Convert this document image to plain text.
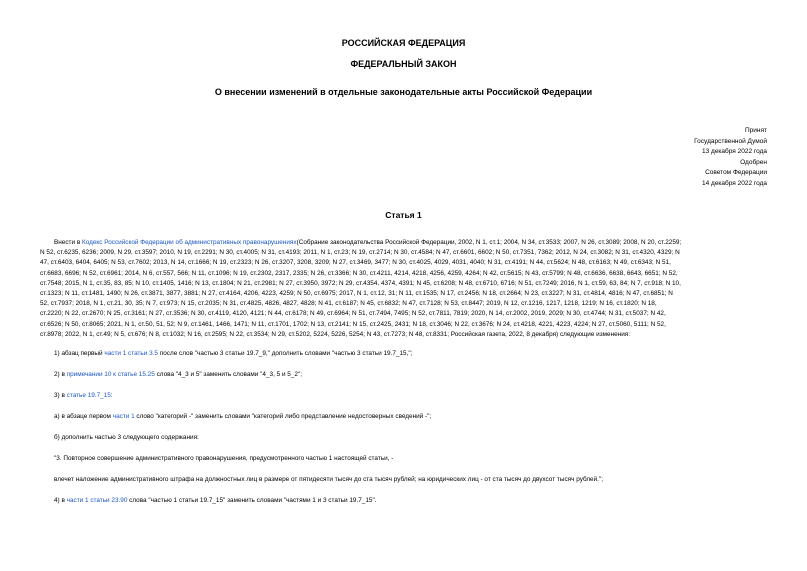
РОССИЙСКАЯ ФЕДЕРАЦИЯ
ФЕДЕРАЛЬНЫЙ ЗАКОН
О внесении изменений в отдельные законодательные акты Российской Федерации
Принят
Государственной Думой
13 декабря 2022 года
Одобрен
Советом Федерации
14 декабря 2022 года
Статья 1
Внести в Кодекс Российской Федерации об административных правонарушениях(Собрание законодательства Российской Федерации, 2002, N 1, ст.1; 2004, N 34, ст.3533; 2007, N 26, ст.3089; 2008, N 20, ст.2259;
N 52, ст.6235, 6236; 2009, N 29, ст.3597; 2010, N 19, ст.2291; N 30, ст.4005; N 31, ст.4193; 2011, N 1, ст.23; N 19, ст.2714; N 30, ст.4584; N 47, ст.6601, 6602; N 50, ст.7351, 7362; 2012, N 24, ст.3082; N 31, ст.4320, 4329; N
47, ст.6403, 6404, 6405; N 53, ст.7602; 2013, N 14, ст.1666; N 19, ст.2323; N 26, ст.3207, 3208, 3209; N 27, ст.3469, 3477; N 30, ст.4025, 4029, 4031, 4040; N 31, ст.4191; N 44, ст.5624; N 48, ст.6163; N 49, ст.6343; N 51,
ст.6683, 6696; N 52, ст.6961; 2014, N 6, ст.557, 566; N 11, ст.1096; N 19, ст.2302, 2317, 2335; N 26, ст.3366; N 30, ст.4211, 4214, 4218, 4256, 4259, 4264; N 42, ст.5615; N 43, ст.5799; N 48, ст.6636, 6638, 6643, 6651; N 52,
ст.7548; 2015, N 1, ст.35, 83, 85; N 10, ст.1405, 1416; N 13, ст.1804; N 21, ст.2981; N 27, ст.3950, 3972; N 29, ст.4354, 4374, 4391; N 45, ст.6208; N 48, ст.6710, 6716; N 51, ст.7249; 2016, N 1, ст.59, 63, 84; N 7, ст.918; N 10,
ст.1323; N 11, ст.1481, 1490; N 26, ст.3871, 3877, 3881; N 27, ст.4164, 4206, 4223, 4259; N 50, ст.6975; 2017, N 1, ст.12, 31; N 11, ст.1535; N 17, ст.2456; N 18, ст.2664; N 23, ст.3227; N 31, ст.4814, 4816; N 47, ст.6851; N
52, ст.7937; 2018, N 1, ст.21, 30, 35; N 7, ст.973; N 15, ст.2035; N 31, ст.4825, 4826, 4827, 4828; N 41, ст.6187; N 45, ст.6832; N 47, ст.7128; N 53, ст.8447; 2019, N 12, ст.1216, 1217, 1218, 1219; N 16, ст.1820; N 18,
ст.2220; N 22, ст.2670; N 25, ст.3161; N 27, ст.3536; N 30, ст.4119, 4120, 4121; N 44, ст.6178; N 49, ст.6964; N 51, ст.7494, 7495; N 52, ст.7811, 7819; 2020, N 14, ст.2002, 2019, 2029; N 30, ст.4744; N 31, ст.5037; N 42,
ст.6526; N 50, ст.8065; 2021, N 1, ст.50, 51, 52; N 9, ст.1461, 1466, 1471; N 11, ст.1701, 1702; N 13, ст.2141; N 15, ст.2425, 2431; N 18, ст.3046; N 22, ст.3676; N 24, ст.4218, 4221, 4223, 4224; N 27, ст.5060, 5111; N 52,
ст.8978; 2022, N 1, ст.49; N 5, ст.676; N 8, ст.1032; N 16, ст.2595; N 22, ст.3534; N 29, ст.5202, 5224, 5226, 5254; N 43, ст.7273; N 48, ст.8331; Российская газета, 2022, 8 декабря) следующие изменения:
1) абзац первый части 1 статьи 3.5 после слов "частью 3 статьи 19.7_9," дополнить словами "частью 3 статьи 19.7_15,";
2) в примечании 10 к статье 15.25 слова "4_3 и 5" заменить словами "4_3, 5 и 5_2";
3) в статье 19.7_15:
а) в абзаце первом части 1 слово "категорий -" заменить словами "категорий либо представление недостоверных сведений -";
б) дополнить частью 3 следующего содержания:
"3. Повторное совершение административного правонарушения, предусмотренного частью 1 настоящей статьи, -
влечет наложение административного штрафа на должностных лиц в размере от пятидесяти тысяч до ста тысяч рублей; на юридических лиц - от ста тысяч до двухсот тысяч рублей.";
4) в части 1 статьи 23.90 слова "частью 1 статьи 19.7_15" заменить словами "частями 1 и 3 статьи 19.7_15".
